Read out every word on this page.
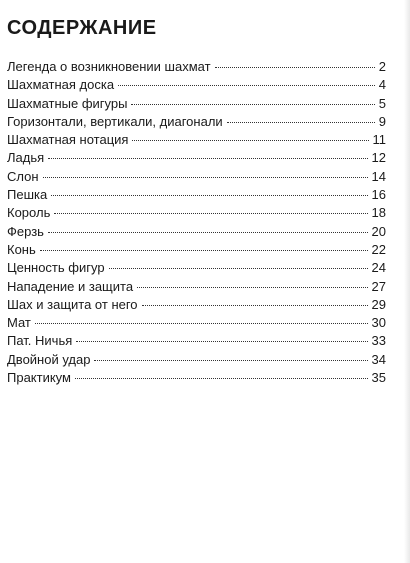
СОДЕРЖАНИЕ
Легенда о возникновении шахмат	2
Шахматная доска	4
Шахматные фигуры	5
Горизонтали, вертикали, диагонали	9
Шахматная нотация	11
Ладья	12
Слон	14
Пешка	16
Король	18
Ферзь	20
Конь	22
Ценность фигур	24
Нападение и защита	27
Шах и защита от него	29
Мат	30
Пат. Ничья	33
Двойной удар	34
Практикум	35
